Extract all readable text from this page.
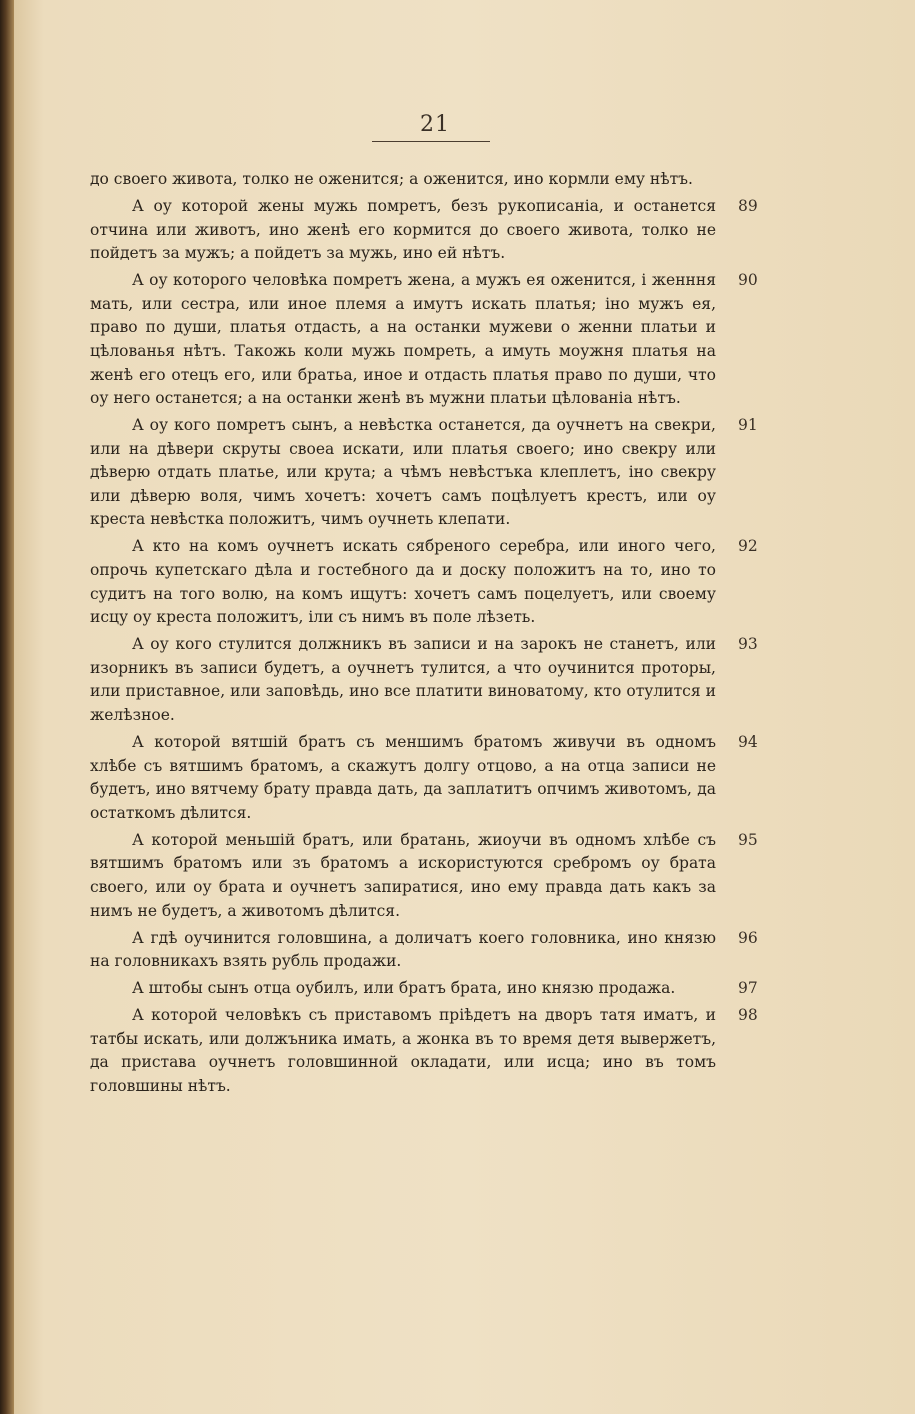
21
до своего живота, толко не оженится; а оженится, ино кормли ему нѣтъ.
89
А оу которой жены мужь помретъ, безъ рукописанiа, и останется отчина или животъ, ино женѣ его кормится до своего живота, толко не пойдетъ за мужъ; а пойдетъ за мужь, ино ей нѣтъ.
90
А оу которого человѣка помретъ жена, а мужъ ея оженится, і женння мать, или сестра, или иное племя а имутъ искать платья; іно мужъ ея, право по души, платья отдасть, а на останки мужеви о женни платьи и цѣлованья нѣтъ. Такожь коли мужь помреть, а имуть моужня платья на женѣ его отецъ его, или братьа, иное и отдасть платья право по души, что оу него останется; а на останки женѣ въ мужни платьи цѣлованiа нѣтъ.
91
А оу кого помретъ сынъ, а невѣстка останется, да оучнетъ на свекри, или на дѣвери скруты своеа искати, или платья своего; ино свекру или дѣверю отдать платье, или крута; а чѣмъ невѣстъка клеплетъ, іно свекру или дѣверю воля, чимъ хочетъ: хочетъ самъ поцѣлуетъ крестъ, или оу креста невѣстка положитъ, чимъ оучнеть клепати.
92
А кто на комъ оучнетъ искать сябреного серебра, или иного чего, опрочь купетскаго дѣла и гостебного да и доску положитъ на то, ино то судитъ на того волю, на комъ ищутъ: хочетъ самъ поцелуетъ, или своему исцу оу креста положитъ, іли съ нимъ въ поле лѣзеть.
93
А оу кого стулится должникъ въ записи и на зарокъ не станетъ, или изорникъ въ записи будетъ, а оучнетъ тулится, а что оучинится проторы, или приставное, или заповѣдь, ино все платити виноватому, кто отулится и желѣзное.
94
А которой вятшiй братъ съ меншимъ братомъ живучи въ одномъ хлѣбе съ вятшимъ братомъ, а скажутъ долгу отцово, а на отца записи не будетъ, ино вятчему брату правда дать, да заплатитъ опчимъ животомъ, да остаткомъ дѣлится.
95
А которой меньшiй братъ, или братань, жиоучи въ одномъ хлѣбе съ вятшимъ братомъ или зъ братомъ а искористуются сребромъ оу брата своего, или оу брата и оучнетъ запиратися, ино ему правда дать какъ за нимъ не будетъ, а животомъ дѣлится.
96
А гдѣ оучинится головшина, а доличатъ коего головника, ино князю на головникахъ взять рубль продажи.
97
А штобы сынъ отца оубилъ, или братъ брата, ино князю продажа.
98
А которой человѣкъ съ приставомъ прiѣдетъ на дворъ татя иматъ, и татбы искать, или должъника имать, а жонка въ то время детя вывержетъ, да пристава оучнетъ головшинной окладати, или исца; ино въ томъ головшины нѣтъ.
